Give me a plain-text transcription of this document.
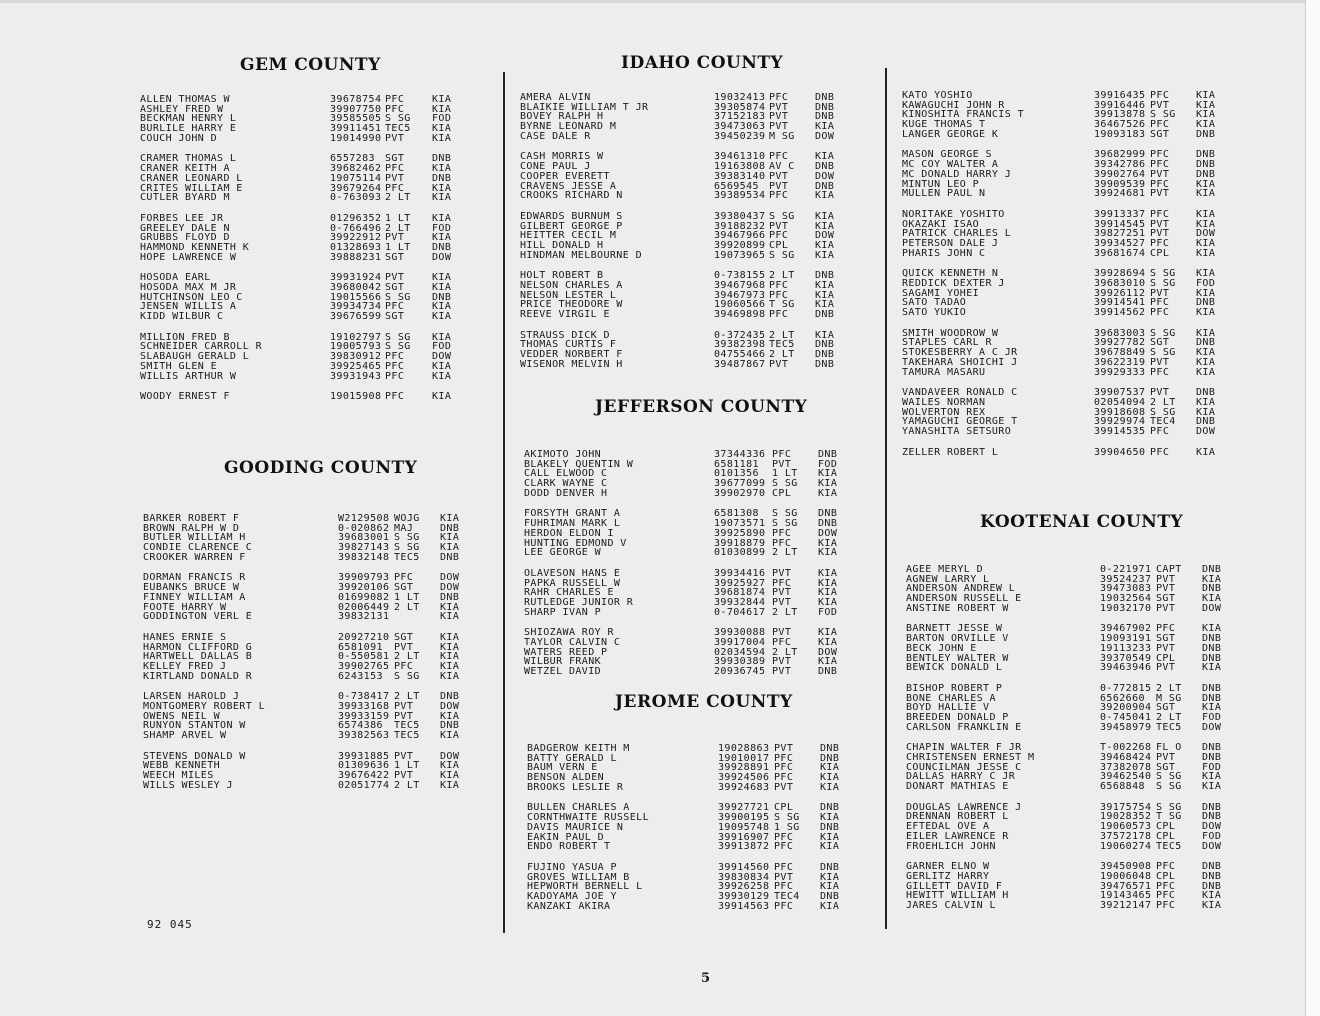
GEM COUNTY
ALLEN THOMAS W	39678754 PFC	KIA
ASHLEY FRED W	39907750 PFC	KIA
BECKMAN HENRY L	39585505 S SG	FOD
BURLILE HARRY E	39911451 TEC5	KIA
COUCH JOHN D	19014990 PVT	KIA
CRAMER THOMAS L	6557283	SGT	DNB
CRANER KEITH A	39682462 PFC	KIA
CRANER LEONARD L	19075114 PVT	DNB
CRITES WILLIAM E	39679264 PFC	KIA
CUTLER BYARD M	0-763093 2 LT	KIA
FORBES LEE JR	01296352 1 LT	KIA
GREELEY DALE N	0-766496 2 LT	FOD
GRUBBS FLOYD D	39922912 PVT	KIA
HAMMOND KENNETH K	01328693 1 LT	DNB
HOPE LAWRENCE W	39888231 SGT	DOW
HOSODA EARL	39931924 PVT	KIA
HOSODA MAX M JR	39680042 SGT	KIA
HUTCHINSON LEO C	19015566 S SG	DNB
JENSEN WILLIS A	39934734 PFC	KIA
KIDD WILBUR C	39676599 SGT	KIA
MILLION FRED B	19102797 S SG	KIA
SCHNEIDER CARROLL R	19005793 S SG	FOD
SLABAUGH GERALD L	39830912 PFC	DOW
SMITH GLEN E	39925465 PFC	KIA
WILLIS ARTHUR W	39931943 PFC	KIA
WOODY ERNEST F	19015908 PFC	KIA
GOODING COUNTY
BARKER ROBERT F	W2129508 WOJG	KIA
BROWN RALPH W D	0-020862 MAJ	DNB
BUTLER WILLIAM H	39683001 S SG	KIA
CONDIE CLARENCE C	39827143 S SG	KIA
CROOKER WARREN F	39832148 TEC5	DNB
DORMAN FRANCIS R	39909793 PFC	DOW
EUBANKS BRUCE W	39920106 SGT	DOW
FINNEY WILLIAM A	01699082 1 LT	DNB
FOOTE HARRY W	02006449 2 LT	KIA
GODDINGTON VERL E	39832131	KIA
HANES ERNIE S	20927210 SGT	KIA
HARMON CLIFFORD G	6581091	PVT	KIA
HARTWELL DALLAS B	0-550581 2 LT	KIA
KELLEY FRED J	39902765 PFC	KIA
KIRTLAND DONALD R	6243153	S SG	KIA
LARSEN HAROLD J	0-738417 2 LT	DNB
MONTGOMERY ROBERT L	39933168 PVT	DOW
OWENS NEIL W	39933159 PVT	KIA
RUNYON STANTON W	6574386	TEC5	DNB
SHAMP ARVEL W	39382563 TEC5	KIA
STEVENS DONALD W	39931885 PVT	DOW
WEBB KENNETH	01309636 1 LT	KIA
WEECH MILES	39676422 PVT	KIA
WILLS WESLEY J	02051774 2 LT	KIA
IDAHO COUNTY
AMERA ALVIN	19032413 PFC	DNB
BLAIKIE WILLIAM T JR	39305874 PVT	DNB
BOVEY RALPH H	37152183 PVT	DNB
BYRNE LEONARD M	39473063 PVT	KIA
CASE DALE R	39450239 M SG	DOW
CASH MORRIS W	39461310 PFC	KIA
CONE PAUL J	19163808 AV C	DNB
COOPER EVERETT	39383140 PVT	DOW
CRAVENS JESSE A	6569545	PVT	DNB
CROOKS RICHARD N	39389534 PFC	KIA
EDWARDS BURNUM S	39380437 S SG	KIA
GILBERT GEORGE P	39188232 PVT	KIA
HEITTER CECIL M	39467966 PFC	DOW
HILL DONALD H	39920899 CPL	KIA
HINDMAN MELBOURNE D	19073965 S SG	KIA
HOLT ROBERT B	0-738155 2 LT	DNB
NELSON CHARLES A	39467968 PFC	KIA
NELSON LESTER L	39467973 PFC	KIA
PRICE THEODORE W	19060566 T SG	KIA
REEVE VIRGIL E	39469898 PFC	DNB
STRAUSS DICK D	0-372435 2 LT	KIA
THOMAS CURTIS F	39382398 TEC5	DNB
VEDDER NORBERT F	04755466 2 LT	DNB
WISENOR MELVIN H	39487867 PVT	DNB
JEFFERSON COUNTY
AKIMOTO JOHN	37344336 PFC	DNB
BLAKELY QUENTIN W	6581181	PVT	FOD
CALL ELWOOD C	0101356	1 LT	KIA
CLARK WAYNE C	39677099 S SG	KIA
DODD DENVER H	39902970 CPL	KIA
FORSYTH GRANT A	6581308	S SG	DNB
FUHRIMAN MARK L	19073571 S SG	DNB
HERDON ELDON I	39925890 PFC	DOW
HUNTING EDMOND V	39918879 PFC	KIA
LEE GEORGE W	01030899 2 LT	KIA
OLAVESON HANS E	39934416 PVT	KIA
PAPKA RUSSELL W	39925927 PFC	KIA
RAHR CHARLES E	39681874 PVT	KIA
RUTLEDGE JUNIOR R	39932844 PVT	KIA
SHARP IVAN P	0-704617 2 LT	FOD
SHIOZAWA ROY R	39930088 PVT	KIA
TAYLOR CALVIN C	39917004 PFC	KIA
WATERS REED P	02034594 2 LT	DOW
WILBUR FRANK	39930389 PVT	KIA
WETZEL DAVID	20936745 PVT	DNB
JEROME COUNTY
BADGEROW KEITH M	19028863 PVT	DNB
BATTY GERALD L	19010017 PFC	DNB
BAUM VERN E	39928891 PFC	KIA
BENSON ALDEN	39924506 PFC	KIA
BROOKS LESLIE R	39924683 PVT	KIA
BULLEN CHARLES A	39927721 CPL	DNB
CORNTHWAITE RUSSELL	39900195 S SG	KIA
DAVIS MAURICE N	19095748 1 SG	DNB
EAKIN PAUL D	39916907 PFC	KIA
ENDO ROBERT T	39913872 PFC	KIA
FUJINO YASUA P	39914560 PFC	DNB
GROVES WILLIAM B	39830834 PVT	KIA
HEPWORTH BERNELL L	39926258 PFC	KIA
KADOYAMA JOE Y	39930129 TEC4	DNB
KANZAKI AKIRA	39914563 PFC	KIA
KATO YOSHIO	39916435 PFC	KIA
KAWAGUCHI JOHN R	39916446 PVT	KIA
KINOSHITA FRANCIS T	39913878 S SG	KIA
KUGE THOMAS T	36467526 PFC	KIA
LANGER GEORGE K	19093183 SGT	DNB
MASON GEORGE S	39682999 PFC	DNB
MC COY WALTER A	39342786 PFC	DNB
MC DONALD HARRY J	39902764 PVT	DNB
MINTUN LEO P	39909539 PFC	KIA
MULLEN PAUL N	39924681 PVT	KIA
NORITAKE YOSHITO	39913337 PFC	KIA
OKAZAKI ISAO	39914545 PVT	KIA
PATRICK CHARLES L	39827251 PVT	DOW
PETERSON DALE J	39934527 PFC	KIA
PHARIS JOHN C	39681674 CPL	KIA
QUICK KENNETH N	39928694 S SG	KIA
REDDICK DEXTER J	39683010 S SG	FOD
SAGAMI YOHEI	39926112 PVT	KIA
SATO TADAO	39914541 PFC	DNB
SATO YUKIO	39914562 PFC	KIA
SMITH WOODROW W	39683003 S SG	KIA
STAPLES CARL R	39927782 SGT	DNB
STOKESBERRY A C JR	39678849 S SG	KIA
TAKEHARA SHOICHI J	39622319 PVT	KIA
TAMURA MASARU	39929333 PFC	KIA
VANDAVEER RONALD C	39907537 PVT	DNB
WAILES NORMAN	02054094 2 LT	KIA
WOLVERTON REX	39918608 S SG	KIA
YAMAGUCHI GEORGE T	39929974 TEC4	DNB
YANASHITA SETSURO	39914535 PFC	DOW
ZELLER ROBERT L	39904650 PFC	KIA
KOOTENAI COUNTY
AGEE MERYL D	0-221971 CAPT	DNB
AGNEW LARRY L	39524237 PVT	KIA
ANDERSON ANDREW L	39473083 PVT	DNB
ANDERSON RUSSELL E	19032564 SGT	KIA
ANSTINE ROBERT W	19032170 PVT	DOW
BARNETT JESSE W	39467902 PFC	KIA
BARTON ORVILLE V	19093191 SGT	DNB
BECK JOHN E	19113233 PVT	DNB
BENTLEY WALTER W	39370549 CPL	DNB
BEWICK DONALD L	39463946 PVT	KIA
BISHOP ROBERT P	0-772815 2 LT	DNB
BONE CHARLES A	6562660	M SG	DNB
BOYD HALLIE V	39200904 SGT	KIA
BREEDEN DONALD P	0-745041 2 LT	FOD
CARLSON FRANKLIN E	39458979 TEC5	DOW
CHAPIN WALTER F JR	T-002268 FL O	DNB
CHRISTENSEN ERNEST M	39468424 PVT	DNB
COUNCILMAN JESSE C	37382078 SGT	FOD
DALLAS HARRY C JR	39462540 S SG	KIA
DONART MATHIAS E	6568848	S SG	KIA
DOUGLAS LAWRENCE J	39175754 S SG	DNB
DRENNAN ROBERT L	19028352 T SG	DNB
EFTEDAL OVE A	19060573 CPL	DOW
EILER LAWRENCE R	37572178 CPL	FOD
FROEHLICH JOHN	19060274 TEC5	DOW
GARNER ELNO W	39450908 PFC	DNB
GERLITZ HARRY	19006048 CPL	DNB
GILLETT DAVID F	39476571 PFC	DNB
HEWITT WILLIAM H	19143465 PFC	KIA
JARES CALVIN L	39212147 PFC	KIA
92 045
5
